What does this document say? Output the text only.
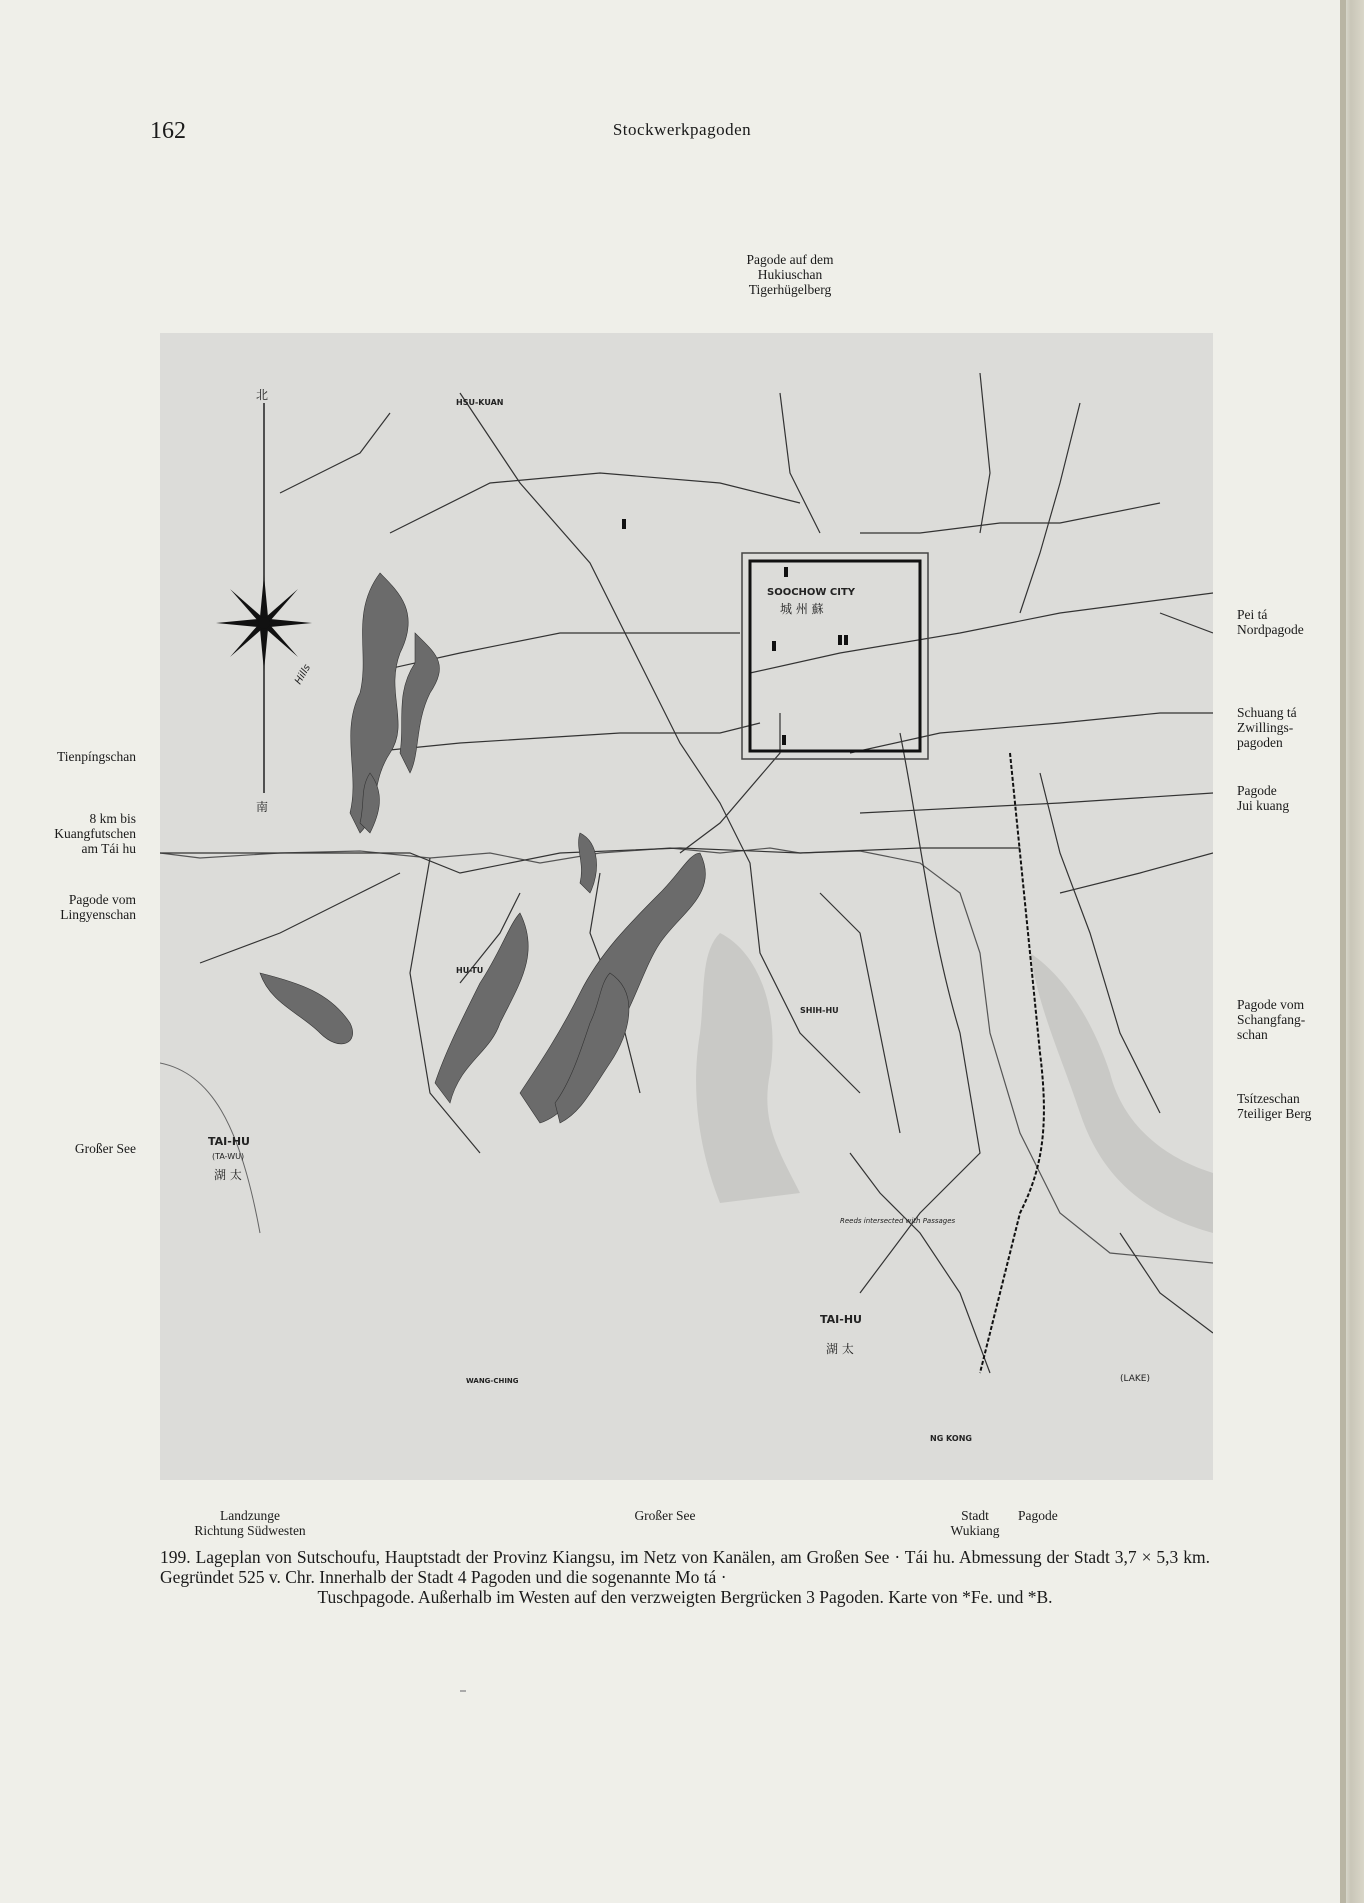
162	Stockwerkpagoden
Pagode auf dem
Hukiuschan
Tigerhügelberg
Tienpíngschan
8 km bis
Kuangfutschen
am Tái hu
Pagode vom
Lingyenschan
Großer See
Pei tá
Nordpagode
Schuang tá
Zwillings-
pagoden
Pagode
Jui kuang
Pagode vom
Schangfang-
schan
Tsítzeschan
7teiliger Berg
北
南
SOOCHOW CITY
城 州 蘇
TAI-HU
(TA-WU)
湖 太
TAI-HU
湖 太
(LAKE)
HSU-KUAN
HU-TU
SHIH-HU
WANG-CHING
NG KONG
Hills
Reeds intersected with Passages
Landzunge
Richtung Südwesten
Großer See	Stadt
Wukiang
Pagode
199. Lageplan von Sutschoufu, Hauptstadt der Provinz Kiangsu, im Netz von Kanälen, am Großen See · Tái hu. Abmessung der Stadt 3,7 × 5,3 km. Gegründet 525 v. Chr. Innerhalb der Stadt 4 Pagoden und die sogenannte Mo tá ·
Tuschpagode. Außerhalb im Westen auf den verzweigten Bergrücken 3 Pagoden. Karte von *Fe. und *B.
